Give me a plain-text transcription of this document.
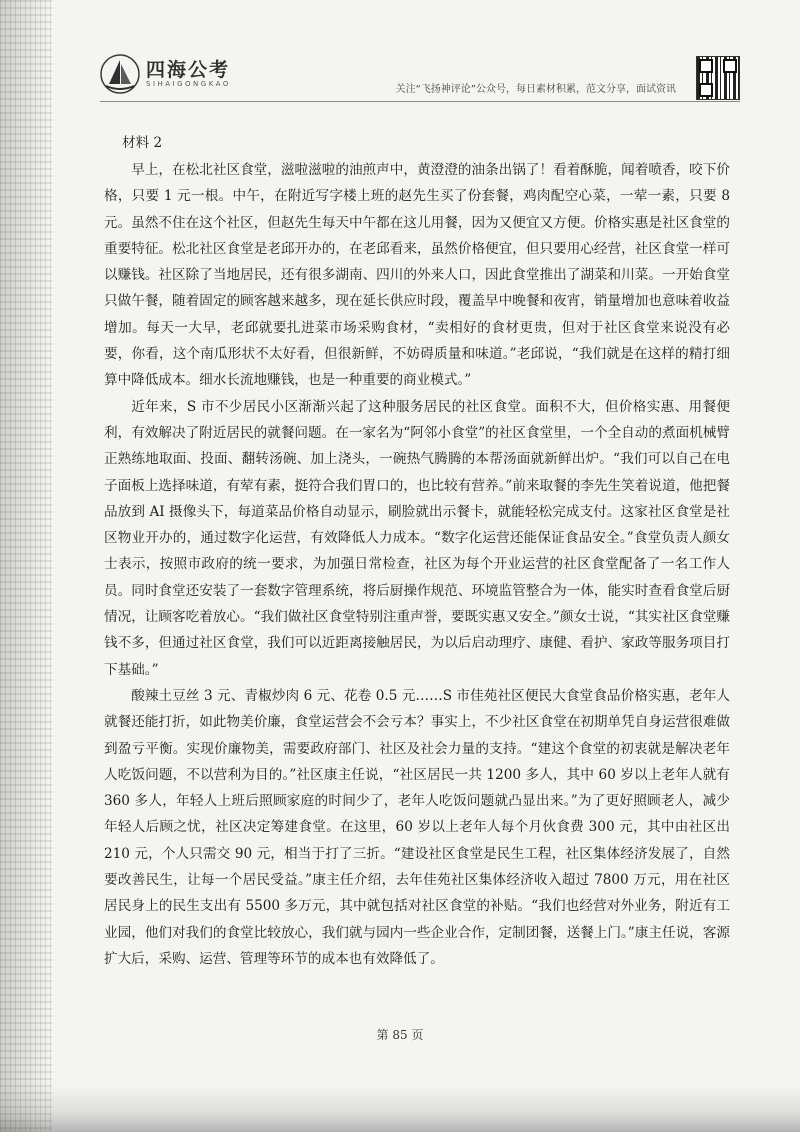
四海公考
SIHAIGONGKAO	关注“飞扬神评论”公众号，每日素材积累，范文分享，面试资讯
材料 2

早上，在松北社区食堂，滋啦滋啦的油煎声中，黄澄澄的油条出锅了！看着酥脆，闻着喷香，咬下价格，只要 1 元一根。中午，在附近写字楼上班的赵先生买了份套餐，鸡肉配空心菜，一荤一素，只要 8 元。虽然不住在这个社区，但赵先生每天中午都在这儿用餐，因为又便宜又方便。价格实惠是社区食堂的重要特征。松北社区食堂是老邱开办的，在老邱看来，虽然价格便宜，但只要用心经营，社区食堂一样可以赚钱。社区除了当地居民，还有很多湖南、四川的外来人口，因此食堂推出了湖菜和川菜。一开始食堂只做午餐，随着固定的顾客越来越多，现在延长供应时段，覆盖早中晚餐和夜宵，销量增加也意味着收益增加。每天一大早，老邱就要扎进菜市场采购食材，“卖相好的食材更贵，但对于社区食堂来说没有必要，你看，这个南瓜形状不太好看，但很新鲜，不妨碍质量和味道。”老邱说，“我们就是在这样的精打细算中降低成本。细水长流地赚钱，也是一种重要的商业模式。”

近年来，S 市不少居民小区渐渐兴起了这种服务居民的社区食堂。面积不大，但价格实惠、用餐便利，有效解决了附近居民的就餐问题。在一家名为“阿邻小食堂”的社区食堂里，一个全自动的煮面机械臂正熟练地取面、投面、翻转汤碗、加上浇头，一碗热气腾腾的本帮汤面就新鲜出炉。“我们可以自己在电子面板上选择味道，有荤有素，挺符合我们胃口的，也比较有营养。”前来取餐的李先生笑着说道，他把餐品放到 AI 摄像头下，每道菜品价格自动显示，刷脸就出示餐卡，就能轻松完成支付。这家社区食堂是社区物业开办的，通过数字化运营，有效降低人力成本。“数字化运营还能保证食品安全。”食堂负责人颜女士表示，按照市政府的统一要求，为加强日常检查，社区为每个开业运营的社区食堂配备了一名工作人员。同时食堂还安装了一套数字管理系统，将后厨操作规范、环境监管整合为一体，能实时查看食堂后厨情况，让顾客吃着放心。“我们做社区食堂特别注重声誉，要既实惠又安全。”颜女士说，“其实社区食堂赚钱不多，但通过社区食堂，我们可以近距离接触居民，为以后启动理疗、康健、看护、家政等服务项目打下基础。”

酸辣土豆丝 3 元、青椒炒肉 6 元、花卷 0.5 元……S 市佳苑社区便民大食堂食品价格实惠，老年人就餐还能打折，如此物美价廉，食堂运营会不会亏本？事实上，不少社区食堂在初期单凭自身运营很难做到盈亏平衡。实现价廉物美，需要政府部门、社区及社会力量的支持。“建这个食堂的初衷就是解决老年人吃饭问题，不以营利为目的。”社区康主任说，“社区居民一共 1200 多人，其中 60 岁以上老年人就有 360 多人，年轻人上班后照顾家庭的时间少了，老年人吃饭问题就凸显出来。”为了更好照顾老人，减少年轻人后顾之忧，社区决定筹建食堂。在这里，60 岁以上老年人每个月伙食费 300 元，其中由社区出 210 元，个人只需交 90 元，相当于打了三折。“建设社区食堂是民生工程，社区集体经济发展了，自然要改善民生，让每一个居民受益。”康主任介绍，去年佳苑社区集体经济收入超过 7800 万元，用在社区居民身上的民生支出有 5500 多万元，其中就包括对社区食堂的补贴。“我们也经营对外业务，附近有工业园，他们对我们的食堂比较放心，我们就与园内一些企业合作，定制团餐，送餐上门。”康主任说，客源扩大后，采购、运营、管理等环节的成本也有效降低了。

第 85 页
